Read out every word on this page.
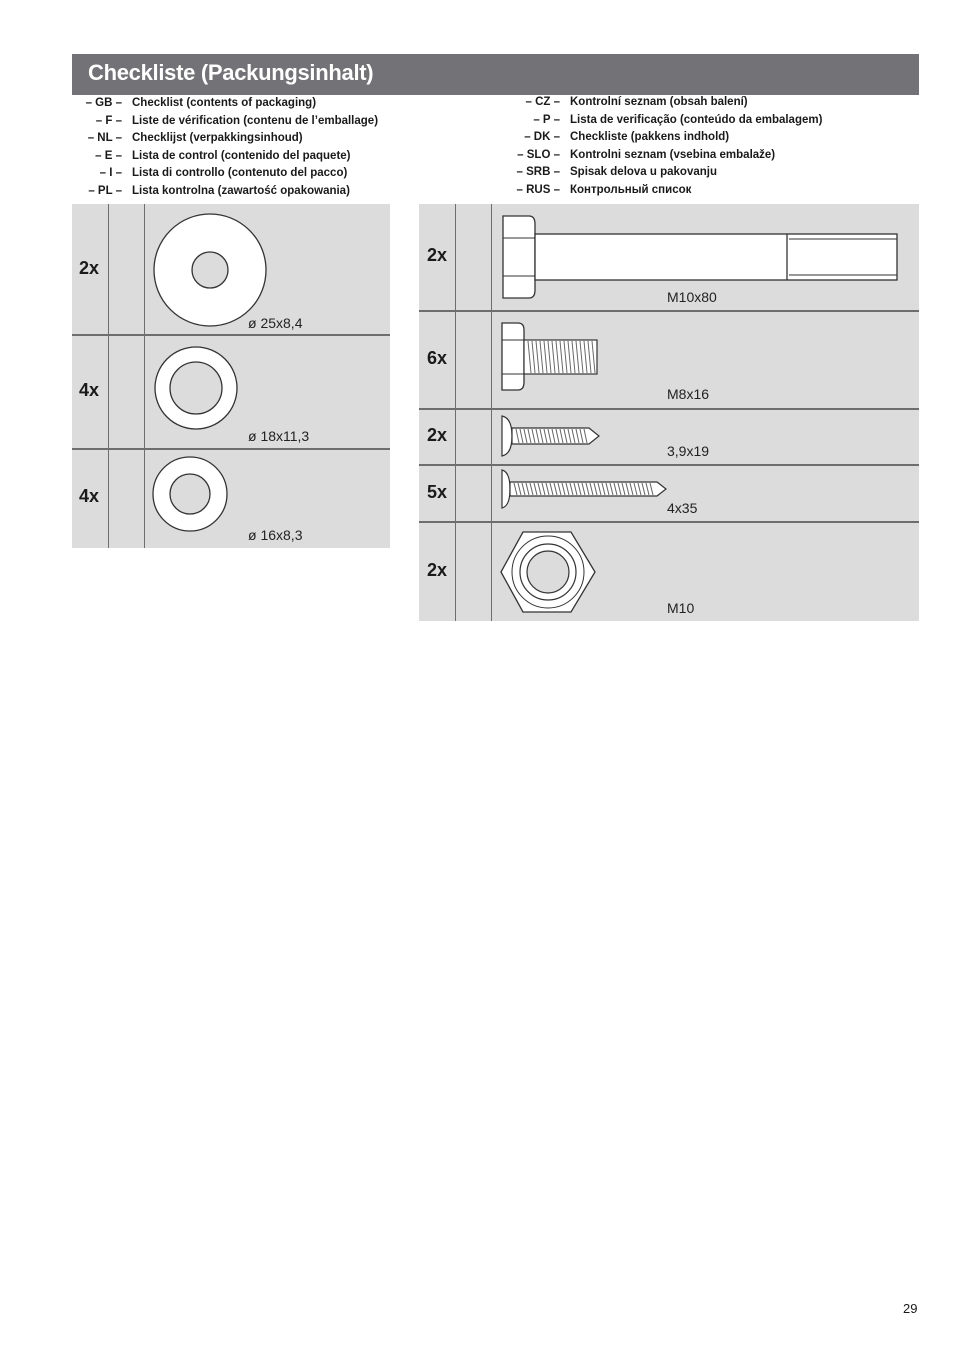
Checkliste (Packungsinhalt)
– GB – Checklist (contents of packaging)
– F – Liste de vérification (contenu de l’emballage)
– NL – Checklijst (verpakkingsinhoud)
– E – Lista de control (contenido del paquete)
– I – Lista di controllo (contenuto del pacco)
– PL – Lista kontrolna (zawartość opakowania)
– CZ – Kontrolní seznam (obsah balení)
– P – Lista de verificação (conteúdo da embalagem)
– DK – Checkliste (pakkens indhold)
– SLO – Kontrolni seznam (vsebina embalaže)
– SRB – Spisak delova u pakovanju
– RUS – Контрольный список
2x
ø 25x8,4
4x
ø 18x11,3
4x
ø 16x8,3
2x
M10x80
6x
M8x16
2x
3,9x19
5x
4x35
2x
M10
29
